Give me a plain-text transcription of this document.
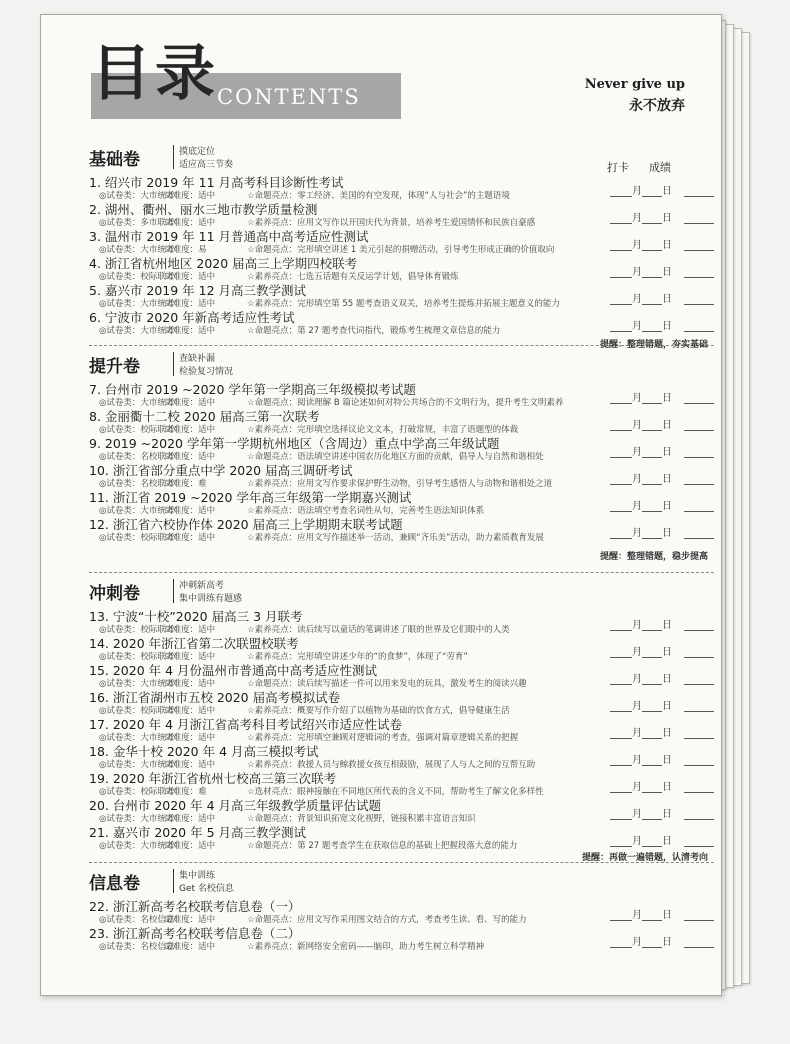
目录
CONTENTS
Never give up
永不放弃
打卡 成绩
基础卷	摸底定位
适应高三节奏
1. 绍兴市 2019 年 11 月高考科目诊断性考试
◎试卷类：大市统考☑难度：适中	☆命题亮点：零工经济、美国的有空发现，体现“人与社会”的主题语境	月 日
2. 湖州、衢州、丽水三地市教学质量检测
◎试卷类：多市联考☑难度：适中	☆素养亮点：应用文写作以开国庆代为背景，培养考生爱国情怀和民族自豪感	月 日
3. 温州市 2019 年 11 月普通高中高考适应性测试
◎试卷类：大市统考☑难度：易	☆命题亮点：完形填空讲述 1 美元引起的捐赠活动，引导考生形成正确的价值取向	月 日
4. 浙江省杭州地区 2020 届高三上学期四校联考
◎试卷类：校际联考☑难度：适中	☆素养亮点：七选五话题有关反运学计划，倡导体育锻炼	月 日
5. 嘉兴市 2019 年 12 月高三教学测试
◎试卷类：大市统考☑难度：适中	☆素养亮点：完形填空第 55 题考查语义双关，培养考生提炼并拓展主题意义的能力	月 日
6. 宁波市 2020 年新高考适应性考试
◎试卷类：大市统考☑难度：适中	☆命题亮点：第 27 题考查代词指代，锻炼考生梳理文章信息的能力	月 日
提醒：整理错题，夯实基础
提升卷	查缺补漏
检验复习情况
7. 台州市 2019 ~2020 学年第一学期高三年级模拟考试题
◎试卷类：大市统考☑难度：适中	☆命题亮点：阅读理解 B 篇论述如何对特公共场合的不文明行为，提升考生文明素养	月 日
8. 金丽衢十二校 2020 届高三第一次联考
◎试卷类：校际联考☑难度：适中	☆素养亮点：完形填空选择议论文文本，打破常规，丰富了语题型的体裁	月 日
9. 2019 ~2020 学年第一学期杭州地区（含周边）重点中学高三年级试题
◎试卷类：名校联考☑难度：适中	☆命题亮点：语法填空讲述中国农历化地区方面的贡献，倡导人与自然和谐相处	月 日
10. 浙江省部分重点中学 2020 届高三调研考试
◎试卷类：名校联考☑难度：难	☆素养亮点：应用文写作要求保护野生动物，引导考生感悟人与动物和谐相处之道	月 日
11. 浙江省 2019 ~2020 学年高三年级第一学期嘉兴测试
◎试卷类：大市统考☑难度：适中	☆素养亮点：语法填空考查名词性从句，完善考生语法知识体系	月 日
12. 浙江省六校协作体 2020 届高三上学期期末联考试题
◎试卷类：校际联考☑难度：适中	☆素养亮点：应用文写作描述举一活动，兼顾“齐乐美”活动，助力素质教育发展	月 日
提醒：整理错题，稳步提高
冲刺卷	冲刺新高考
集中训练有题感
13. 宁波“十校”2020 届高三 3 月联考
◎试卷类：校际联考☑难度：适中	☆素养亮点：读后续写以童话的笔调讲述了眼的世界及它们眼中的人类	月 日
14. 2020 年浙江省第二次联盟校联考
◎试卷类：校际联考☑难度：适中	☆素养亮点：完形填空讲述少年的“的食梦”，体现了“劳育”	月 日
15. 2020 年 4 月份温州市普通高中高考适应性测试
◎试卷类：大市统考☑难度：适中	☆命题亮点：读后续写描述一件可以用来发电的玩具，激发考生的阅读兴趣	月 日
16. 浙江省湖州市五校 2020 届高考模拟试卷
◎试卷类：校际联考☑难度：适中	☆素养亮点：概要写作介绍了以植物为基础的饮食方式，倡导健康生活	月 日
17. 2020 年 4 月浙江省高考科目考试绍兴市适应性试卷
◎试卷类：大市统考☑难度：适中	☆素养亮点：完形填空兼顾对逻辑词的考查，强调对篇章逻辑关系的把握	月 日
18. 金华十校 2020 年 4 月高三模拟考试
◎试卷类：大市统考☑难度：适中	☆素养亮点：救援人员与鲸救援女孩互相鼓励，展现了人与人之间的互帮互助	月 日
19. 2020 年浙江省杭州七校高三第三次联考
◎试卷类：校际联考☑难度：难	☆选材亮点：眼神接触在不同地区所代表的含义不同，帮助考生了解文化多样性	月 日
20. 台州市 2020 年 4 月高三年级教学质量评估试题
◎试卷类：大市统考☑难度：适中	☆命题亮点：背景知识拓宽文化视野，链接积累丰富语言知识	月 日
21. 嘉兴市 2020 年 5 月高三教学测试
◎试卷类：大市统考☑难度：适中	☆命题亮点：第 27 题考查学生在获取信息的基础上把握段落大意的能力	月 日
提醒：再做一遍错题，认清考向
信息卷	集中训练
Get 名校信息
22. 浙江新高考名校联考信息卷（一）
◎试卷类：名校信息☑难度：适中	☆命题亮点：应用文写作采用图文结合的方式，考查考生读、看、写的能力	月 日
23. 浙江新高考名校联考信息卷（二）
◎试卷类：名校信息☑难度：适中	☆素养亮点：新网络安全密码——脑印，助力考生树立科学精神	月 日
